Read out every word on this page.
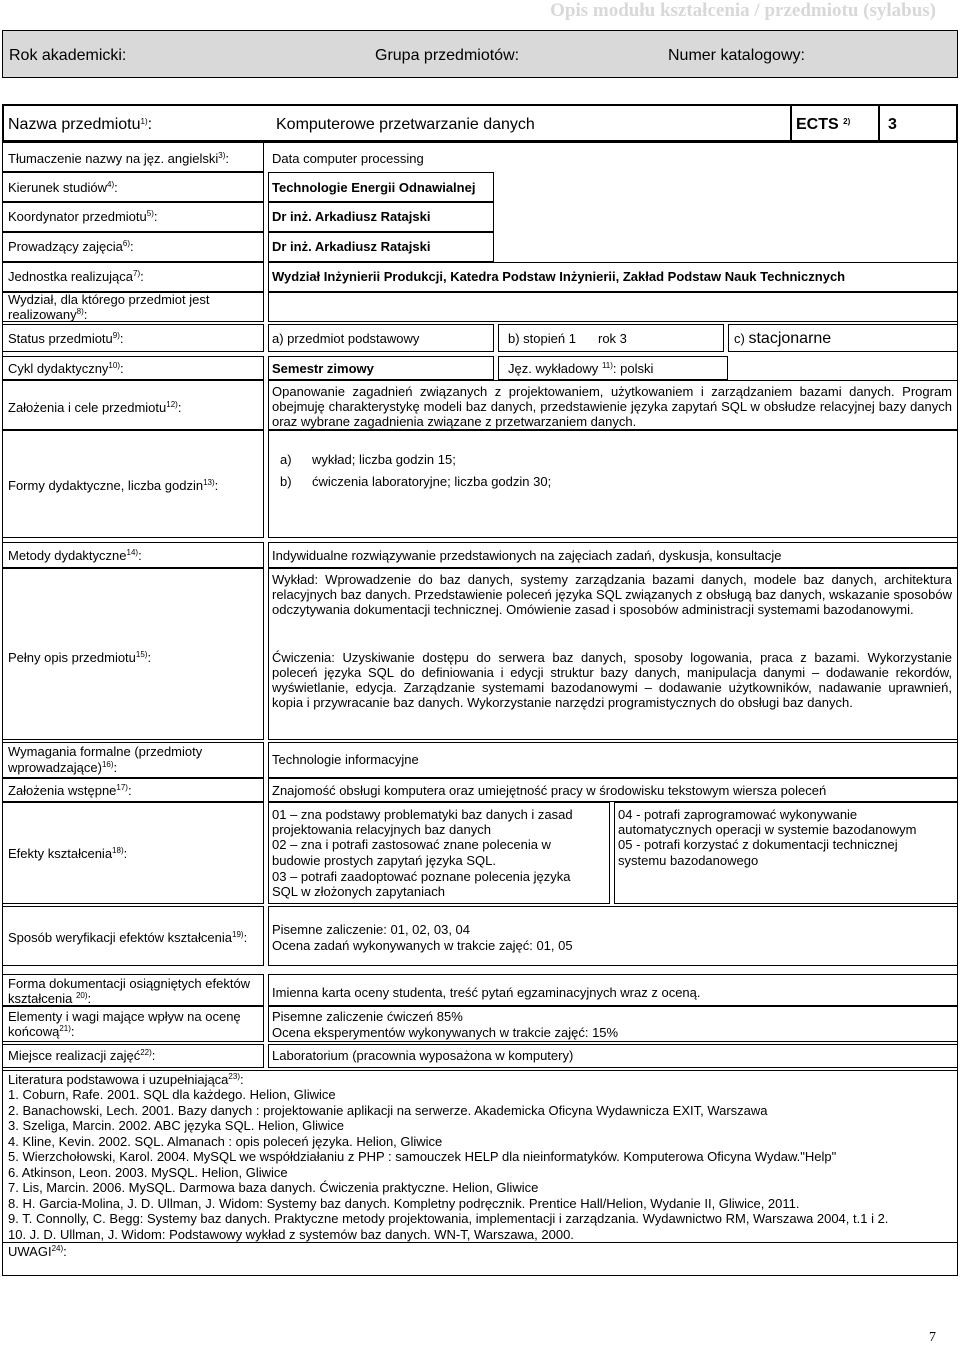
Opis modułu kształcenia / przedmiotu (sylabus)
Rok akademicki:	Grupa przedmiotów:	Numer katalogowy:
Nazwa przedmiotu$^{1)}$:	Komputerowe przetwarzanie danych	ECTS $^{2)}$ 3
Tłumaczenie nazwy na jęz. angielski$^{3)}$:	Data computer processing
Kierunek studiów$^{4)}$:	Technologie Energii Odnawialnej
Koordynator przedmiotu$^{5)}$:	Dr inż. Arkadiusz Ratajski
Prowadzący zajęcia$^{6)}$:	Dr inż. Arkadiusz Ratajski
Jednostka realizująca$^{7)}$:	Wydział Inżynierii Produkcji, Katedra Podstaw Inżynierii, Zakład Podstaw Nauk Technicznych
Wydział, dla którego przedmiot jest
realizowany$^{8)}$:
Status przedmiotu$^{9)}$:	a) przedmiot podstawowy	b) stopień 1 rok 3	c) stacjonarne
Cykl dydaktyczny$^{10)}$:	Semestr zimowy	Jęz. wykładowy $^{11)}$: polski
Założenia i cele przedmiotu$^{12)}$:
Opanowanie zagadnień związanych z projektowaniem, użytkowaniem i zarządzaniem bazami danych. Program obejmuję charakterystykę modeli baz danych, przedstawienie języka zapytań SQL w obsłudze relacyjnej bazy danych oraz wybrane zagadnienia związane z przetwarzaniem danych.
Formy dydaktyczne, liczba godzin$^{13)}$:
a) wykład; liczba godzin 15;
b) ćwiczenia laboratoryjne; liczba godzin 30;
Metody dydaktyczne$^{14)}$:	Indywidualne rozwiązywanie przedstawionych na zajęciach zadań, dyskusja, konsultacje
Pełny opis przedmiotu$^{15)}$:
Wykład: Wprowadzenie do baz danych, systemy zarządzania bazami danych, modele baz danych, architektura relacyjnych baz danych. Przedstawienie poleceń języka SQL związanych z obsługą baz danych, wskazanie sposobów odczytywania dokumentacji technicznej. Omówienie zasad i sposobów administracji systemami bazodanowymi.
Ćwiczenia: Uzyskiwanie dostępu do serwera baz danych, sposoby logowania, praca z bazami. Wykorzystanie poleceń języka SQL do definiowania i edycji struktur bazy danych, manipulacja danymi – dodawanie rekordów, wyświetlanie, edycja. Zarządzanie systemami bazodanowymi – dodawanie użytkowników, nadawanie uprawnień, kopia i przywracanie baz danych. Wykorzystanie narzędzi programistycznych do obsługi baz danych.
Wymagania formalne (przedmioty
wprowadzające)$^{16)}$:
Technologie informacyjne
Założenia wstępne$^{17)}$:	Znajomość obsługi komputera oraz umiejętność pracy w środowisku tekstowym wiersza poleceń
Efekty kształcenia$^{18)}$:
01 – zna podstawy problematyki baz danych i zasad
projektowania relacyjnych baz danych
02 – zna i potrafi zastosować znane polecenia w
budowie prostych zapytań języka SQL.
03 – potrafi zaadoptować poznane polecenia języka
SQL w złożonych zapytaniach
04 - potrafi zaprogramować wykonywanie
automatycznych operacji w systemie bazodanowym
05 - potrafi korzystać z dokumentacji technicznej
systemu bazodanowego
Sposób weryfikacji efektów kształcenia$^{19)}$:
Pisemne zaliczenie: 01, 02, 03, 04
Ocena zadań wykonywanych w trakcie zajęć: 01, 05
Forma dokumentacji osiągniętych efektów
kształcenia $^{20)}$:	Imienna karta oceny studenta, treść pytań egzaminacyjnych wraz z oceną.
Elementy i wagi mające wpływ na ocenę
końcową$^{21)}$:
Pisemne zaliczenie ćwiczeń 85%
Ocena eksperymentów wykonywanych w trakcie zajęć: 15%
Miejsce realizacji zajęć$^{22)}$:	Laboratorium (pracownia wyposażona w komputery)
Literatura podstawowa i uzupełniająca$^{23)}$:
1. Coburn, Rafe. 2001. SQL dla każdego. Helion, Gliwice
2. Banachowski, Lech. 2001. Bazy danych : projektowanie aplikacji na serwerze. Akademicka Oficyna Wydawnicza EXIT, Warszawa
3. Szeliga, Marcin. 2002. ABC języka SQL. Helion, Gliwice
4. Kline, Kevin. 2002. SQL. Almanach : opis poleceń języka. Helion, Gliwice
5. Wierzchołowski, Karol. 2004. MySQL we współdziałaniu z PHP : samouczek HELP dla nieinformatyków. Komputerowa Oficyna Wydaw."Help"
6. Atkinson, Leon. 2003. MySQL. Helion, Gliwice
7. Lis, Marcin. 2006. MySQL. Darmowa baza danych. Ćwiczenia praktyczne. Helion, Gliwice
8. H. Garcia-Molina, J. D. Ullman, J. Widom: Systemy baz danych. Kompletny podręcznik. Prentice Hall/Helion, Wydanie II, Gliwice, 2011.
9. T. Connolly, C. Begg: Systemy baz danych. Praktyczne metody projektowania, implementacji i zarządzania. Wydawnictwo RM, Warszawa 2004, t.1 i 2.
10. J. D. Ullman, J. Widom: Podstawowy wykład z systemów baz danych. WN-T, Warszawa, 2000.
UWAGI$^{24)}$:
7
